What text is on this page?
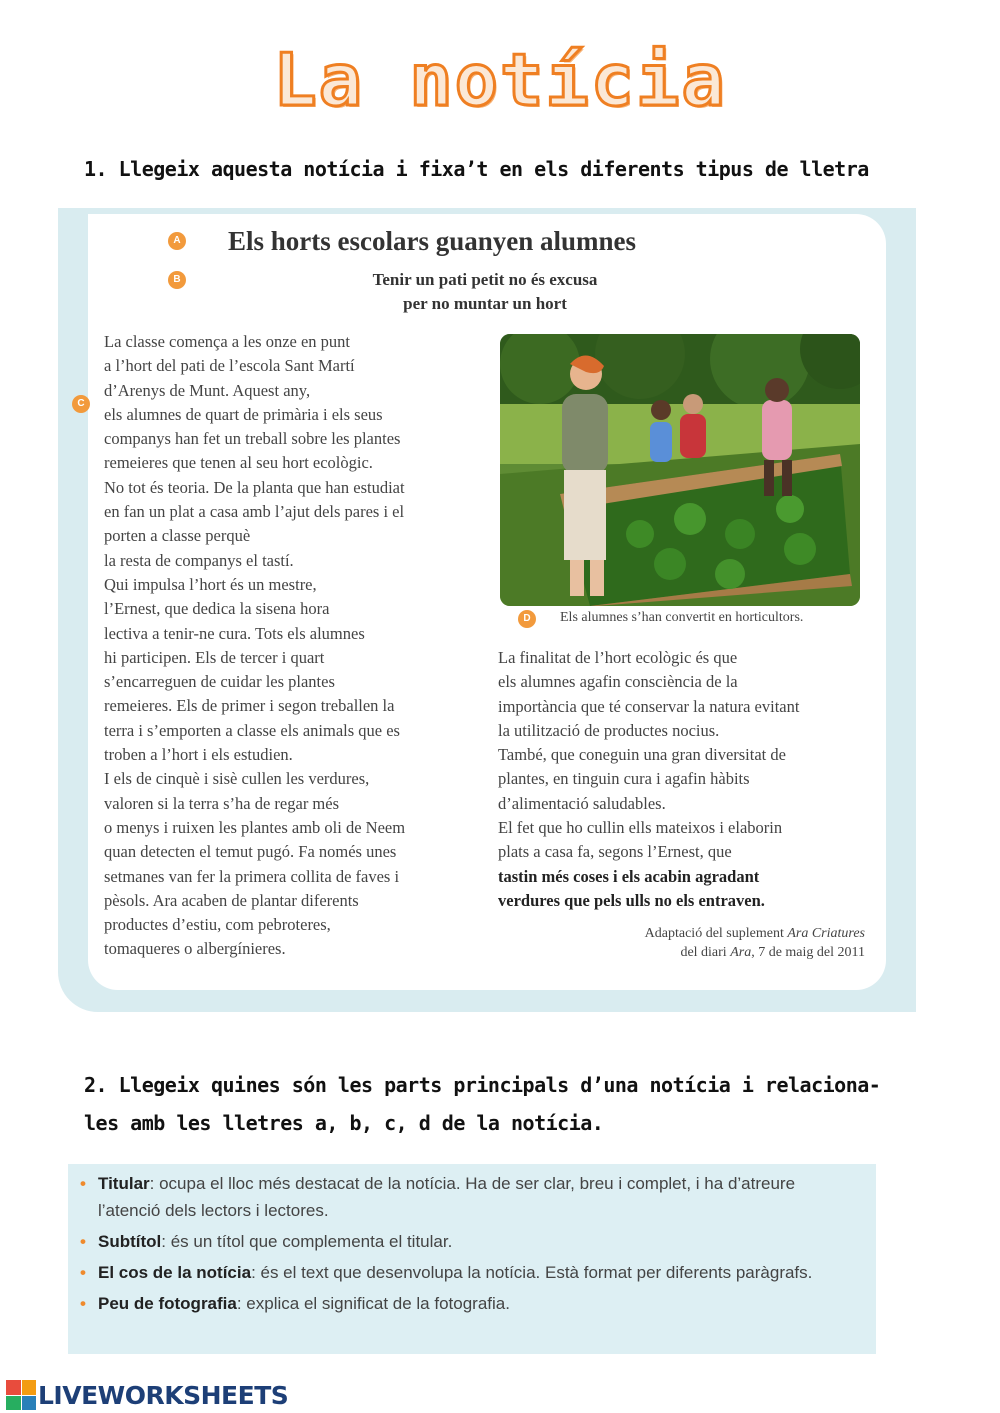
La notícia
1. Llegeix aquesta notícia i fixa’t en els diferents tipus de lletra
A
B
C
D
Els horts escolars guanyen alumnes
Tenir un pati petit no és excusa
per no muntar un hort
La classe comença a les onze en punt
a l’hort del pati de l’escola Sant Martí
d’Arenys de Munt. Aquest any,
els alumnes de quart de primària i els seus
companys han fet un treball sobre les plantes
remeieres que tenen al seu hort ecològic.
No tot és teoria. De la planta que han estudiat
en fan un plat a casa amb l’ajut dels pares i el
porten a classe perquè
la resta de companys el tastí.
Qui impulsa l’hort és un mestre,
l’Ernest, que dedica la sisena hora
lectiva a tenir-ne cura. Tots els alumnes
hi participen. Els de tercer i quart
s’encarreguen de cuidar les plantes
remeieres. Els de primer i segon treballen la
terra i s’emporten a classe els animals que es
troben a l’hort i els estudien.
I els de cinquè i sisè cullen les verdures,
valoren si la terra s’ha de regar més
o menys i ruixen les plantes amb oli de Neem
quan detecten el temut pugó. Fa només unes
setmanes van fer la primera collita de faves i
pèsols. Ara acaben de plantar diferents
productes d’estiu, com pebroteres,
tomaqueres o albergínieres.
Els alumnes s’han convertit en horticultors.
La finalitat de l’hort ecològic és que
els alumnes agafin consciència de la
importància que té conservar la natura evitant
la utilització de productes nocius.
També, que coneguin una gran diversitat de
plantes, en tinguin cura i agafin hàbits
d’alimentació saludables.
El fet que ho cullin ells mateixos i elaborin
plats a casa fa, segons l’Ernest, que
tastin més coses i els acabin agradant
verdures que pels ulls no els entraven.
Adaptació del suplement Ara Criatures
del diari Ara, 7 de maig del 2011
2. Llegeix quines són les parts principals d’una notícia i relaciona-les amb les lletres a, b, c, d de la notícia.
• Titular: ocupa el lloc més destacat de la notícia. Ha de ser clar, breu i complet, i ha d’atreure l’atenció dels lectors i lectores.
• Subtítol: és un títol que complementa el titular.
• El cos de la notícia: és el text que desenvolupa la notícia. Està format per diferents paràgrafs.
• Peu de fotografia: explica el significat de la fotografia.
LIVEWORKSHEETS
